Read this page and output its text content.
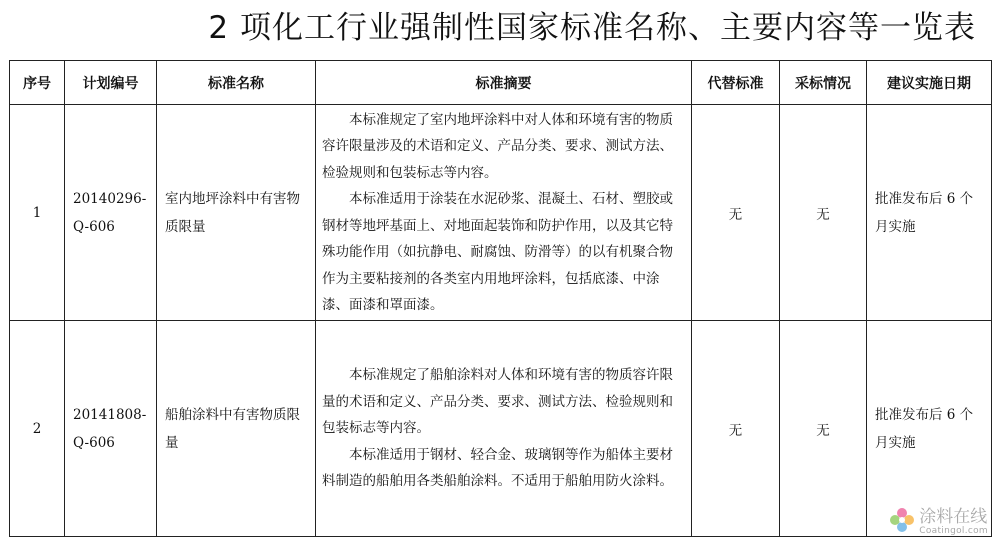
2 项化工行业强制性国家标准名称、主要内容等一览表
序号	计划编号	标准名称	标准摘要	代替标准	采标情况	建议实施日期
1	20140296-Q-606	室内地坪涂料中有害物质限量	本标准规定了室内地坪涂料中对人体和环境有害的物质容许限量涉及的术语和定义、产品分类、要求、测试方法、检验规则和包装标志等内容。

本标准适用于涂装在水泥砂浆、混凝土、石材、塑胶或钢材等地坪基面上、对地面起装饰和防护作用，以及其它特殊功能作用（如抗静电、耐腐蚀、防滑等）的以有机聚合物作为主要粘接剂的各类室内用地坪涂料，包括底漆、中涂漆、面漆和罩面漆。	无	无	批准发布后 6 个月实施
2	20141808-Q-606	船舶涂料中有害物质限量	本标准规定了船舶涂料对人体和环境有害的物质容许限量的术语和定义、产品分类、要求、测试方法、检验规则和包装标志等内容。

本标准适用于钢材、轻合金、玻璃钢等作为船体主要材料制造的船舶用各类船舶涂料。不适用于船舶用防火涂料。	无	无	批准发布后 6 个月实施
涂料在线
Coatingol.com
